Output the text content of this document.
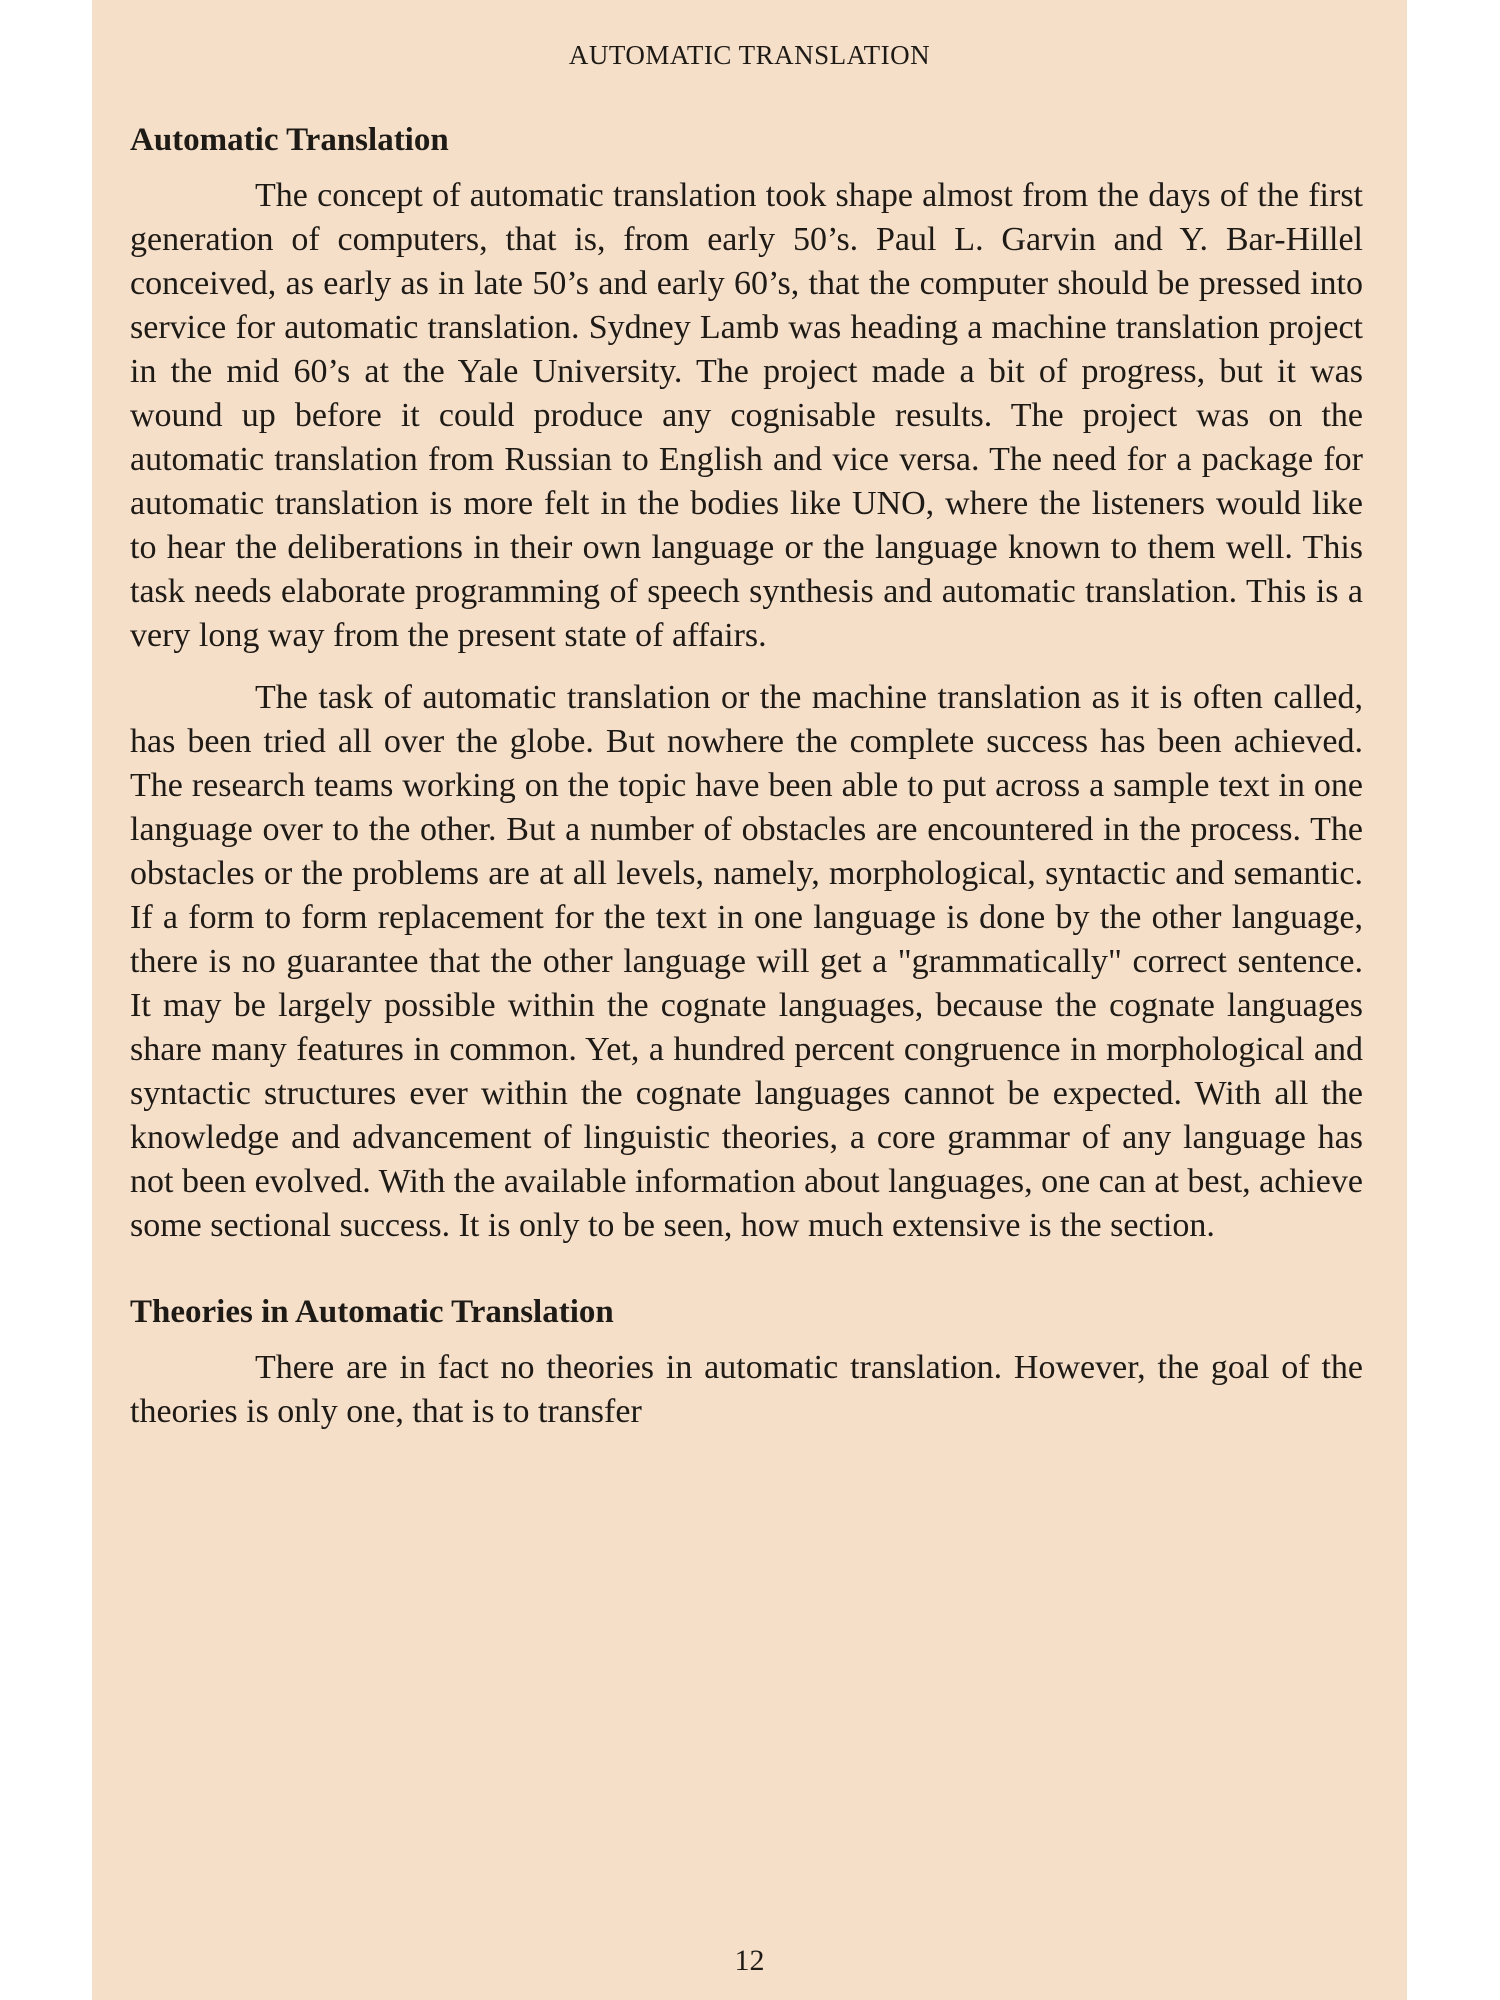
AUTOMATIC TRANSLATION
Automatic Translation

The concept of automatic translation took shape almost from the days of the first generation of computers, that is, from early 50’s. Paul L. Garvin and Y. Bar-Hillel conceived, as early as in late 50’s and early 60’s, that the computer should be pressed into service for automatic translation. Sydney Lamb was heading a machine translation project in the mid 60’s at the Yale University. The project made a bit of progress, but it was wound up before it could produce any cognisable results. The project was on the automatic translation from Russian to English and vice versa. The need for a package for automatic translation is more felt in the bodies like UNO, where the listeners would like to hear the deliberations in their own language or the language known to them well. This task needs elaborate programming of speech synthesis and automatic translation. This is a very long way from the present state of affairs.

The task of automatic translation or the machine translation as it is often called, has been tried all over the globe. But nowhere the complete success has been achieved. The research teams working on the topic have been able to put across a sample text in one language over to the other. But a number of obstacles are encountered in the process. The obstacles or the problems are at all levels, namely, morphological, syntactic and semantic. If a form to form replacement for the text in one language is done by the other language, there is no guarantee that the other language will get a "grammatically" correct sentence. It may be largely possible within the cognate languages, because the cognate languages share many features in common. Yet, a hundred percent congruence in morphological and syntactic structures ever within the cognate languages cannot be expected. With all the knowledge and advancement of linguistic theories, a core grammar of any language has not been evolved. With the available information about languages, one can at best, achieve some sectional success. It is only to be seen, how much extensive is the section.

Theories in Automatic Translation

There are in fact no theories in automatic translation. However, the goal of the theories is only one, that is to transfer

12
